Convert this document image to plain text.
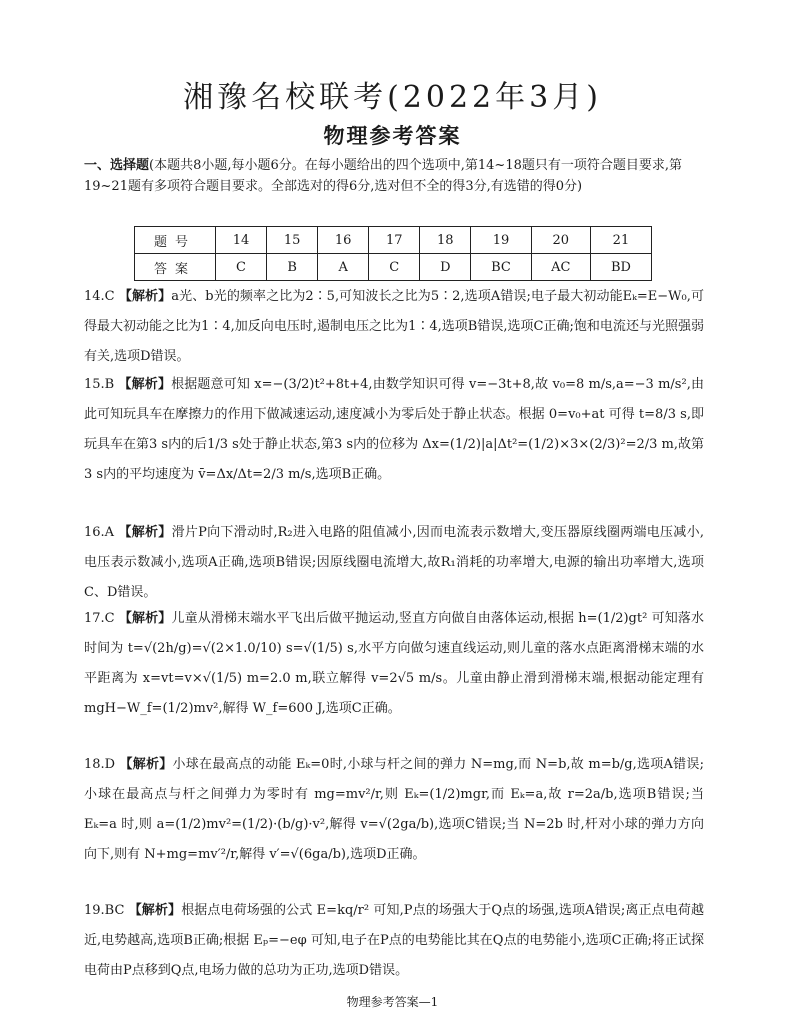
湘豫名校联考(2022年3月)
物理参考答案
一、选择题(本题共8小题,每小题6分。在每小题给出的四个选项中,第14~18题只有一项符合题目要求,第19~21题有多项符合题目要求。全部选对的得6分,选对但不全的得3分,有选错的得0分)
题号	14	15	16	17	18	19	20	21
答案	C	B	A	C	D	BC	AC	BD
14.C 【解析】a光、b光的频率之比为2∶5,可知波长之比为5∶2,选项A错误;电子最大初动能Eₖ=E−W₀,可得最大初动能之比为1∶4,加反向电压时,遏制电压之比为1∶4,选项B错误,选项C正确;饱和电流还与光照强弱有关,选项D错误。
15.B 【解析】根据题意可知 x=−(3/2)t²+8t+4,由数学知识可得 v=−3t+8,故 v₀=8 m/s,a=−3 m/s²,由此可知玩具车在摩擦力的作用下做减速运动,速度减小为零后处于静止状态。根据 0=v₀+at 可得 t=8/3 s,即玩具车在第3 s内的后1/3 s处于静止状态,第3 s内的位移为 Δx=(1/2)|a|Δt²=(1/2)×3×(2/3)²=2/3 m,故第3 s内的平均速度为 v̄=Δx/Δt=2/3 m/s,选项B正确。
16.A 【解析】滑片P向下滑动时,R₂进入电路的阻值减小,因而电流表示数增大,变压器原线圈两端电压减小,电压表示数减小,选项A正确,选项B错误;因原线圈电流增大,故R₁消耗的功率增大,电源的输出功率增大,选项C、D错误。
17.C 【解析】儿童从滑梯末端水平飞出后做平抛运动,竖直方向做自由落体运动,根据 h=(1/2)gt² 可知落水时间为 t=√(2h/g)=√(2×1.0/10) s=√(1/5) s,水平方向做匀速直线运动,则儿童的落水点距离滑梯末端的水平距离为 x=vt=v×√(1/5) m=2.0 m,联立解得 v=2√5 m/s。儿童由静止滑到滑梯末端,根据动能定理有 mgH−W_f=(1/2)mv²,解得 W_f=600 J,选项C正确。
18.D 【解析】小球在最高点的动能 Eₖ=0时,小球与杆之间的弹力 N=mg,而 N=b,故 m=b/g,选项A错误;小球在最高点与杆之间弹力为零时有 mg=mv²/r,则 Eₖ=(1/2)mgr,而 Eₖ=a,故 r=2a/b,选项B错误;当 Eₖ=a 时,则 a=(1/2)mv²=(1/2)·(b/g)·v²,解得 v=√(2ga/b),选项C错误;当 N=2b 时,杆对小球的弹力方向向下,则有 N+mg=mv′²/r,解得 v′=√(6ga/b),选项D正确。
19.BC 【解析】根据点电荷场强的公式 E=kq/r² 可知,P点的场强大于Q点的场强,选项A错误;离正点电荷越近,电势越高,选项B正确;根据 Eₚ=−eφ 可知,电子在P点的电势能比其在Q点的电势能小,选项C正确;将正试探电荷由P点移到Q点,电场力做的总功为正功,选项D错误。
物理参考答案—1
